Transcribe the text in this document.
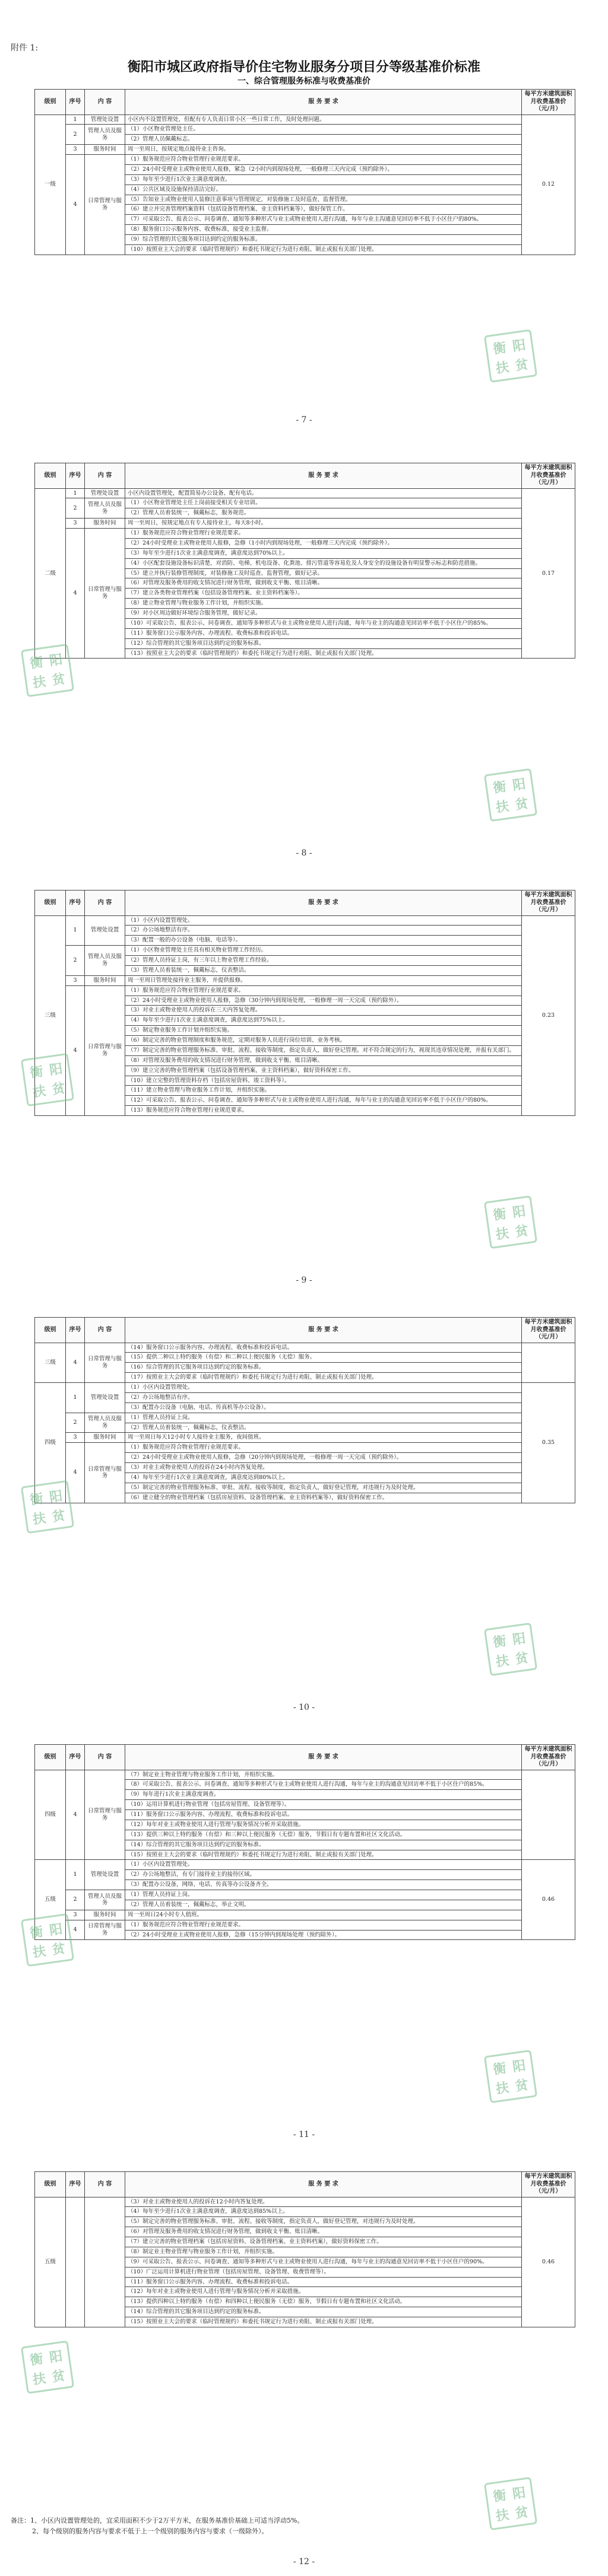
附件 1:
衡阳市城区政府指导价住宅物业服务分项目分等级基准价标准
一、综合管理服务标准与收费基准价
级别	序号	内 容	服 务 要 求	每平方米建筑面积月收费基准价（元/月）
一级	1	管理处设置	小区内不设置管理处，但配有专人负责日常小区一些日常工作，及时处理问题。	0.12
	2	管理人员及服务	（1）小区物业管理处主任。	
			（2）管理人员佩戴标志。	
	3	服务时间	周一至周日，按规定地点接待业主咨询。	
	4	日常管理与服务	（1）服务规范应符合物业管理行业规范要求。	
			（2）24小时受理业主或物业使用人报修，紧急（2小时内到现场处理，一般修理三天内完成（预约除外）。	
			（3）每年至少进行1次业主满意度调查。	
			（4）公共区域及设施保持清洁完好。	
			（5）告知业主或物业使用人装修注意事项与管理规定，对装修施工及时巡查、监督管理。	
			（6）建立并完善管理档案资料（包括设备管理档案、业主资料档案等），做好保管工作。	
			（7）可采取公告、报表公示、问卷调查、通知等多种形式与业主或物业使用人进行沟通，每年与业主沟通意见回访率不低于小区住户的80%。	
			（8）服务窗口公示服务内容、收费标准，接受业主监督。	
			（9）综合管理的其它服务项目达到约定的服务标准。	
			（10）按照业主大会的要求（临时管理规约）和委托书规定行为进行劝阻、制止或报有关部门处理。	
- 7 -
级别	序号	内 容	服 务 要 求	每平方米建筑面积月收费基准价（元/月）
二级	1	管理处设置	小区内设置管理处，配置简易办公设备、配有电话。	0.17
	2	管理人员及服务	（1）小区物业管理处主任上岗前接受相关专业培训。	
			（2）管理人员着装统一，佩戴标志，服务规范。	
	3	服务时间	周一至周日，按规定地点有专人接待业主，每天8小时。	
	4	日常管理与服务	（1）服务规范应符合物业管理行业规范要求。	
			（2）24小时受理业主或物业使用人报修，急修（1小时内到现场处理，一般修理三天内完成（预约除外）。	
			（3）每年至少进行1次业主满意度调查，满意度达到70%以上。	
			（4）小区配套设施设备标识清楚，对消防、电梯、机电设备、化粪池、排污管道等容易危及人身安全的设施设备有明显警示标志和防范措施。	
			（5）建立并执行装修管理制度，对装修施工及时巡查、监督管理，做好记录。	
			（6）对管理及服务费用的收支情况进行财务管理，做到收支平衡、账目清晰。	
			（7）建立各类物业管理档案（包括设备管理档案、业主资料档案等）。	
			（8）建立物业管理与物业服务工作计划，并组织实施。	
			（9）对小区周边做好环境综合服务管理，做好记录。	
			（10）可采取公告、报表公示、问卷调查、通知等多种形式与业主或物业使用人进行沟通，每年与业主的沟通意见回访率不低于小区住户的85%。	
			（11）服务窗口公示服务内容、办理流程、收费标准和投诉电话。	
			（12）综合管理的其它服务项目达到约定的服务标准。	
			（13）按照业主大会的要求（临时管理规约）和委托书规定行为进行劝阻、制止或报有关部门处理。	
- 8 -
级别	序号	内 容	服 务 要 求	每平方米建筑面积月收费基准价（元/月）
三级	1	管理处设置	（1）小区内设置管理处。	0.23
			（2）办公场地整洁有序。	
			（3）配置一般的办公设备（电脑、电话等）。	
	2	管理人员及服务	（1）小区物业管理处主任具有相关物业管理工作经历。	
			（2）管理人员持证上岗，有三年以上物业管理工作经验。	
			（3）管理人员着装统一，佩戴标志，仪表整洁。	
	3	服务时间	周一至周日管理处接待业主服务，并提供报修。	
	4	日常管理与服务	（1）服务规范应符合物业管理行业规范要求。	
			（2）24小时受理业主或物业使用人报修，急修（30分钟内到现场处理，一般修理一周一天完成（预约除外）。	
			（3）对业主或物业使用人的投诉在三天内答复处理。	
			（4）每年至少进行1次业主满意度调查，满意度达到75%以上。	
			（5）制定物业服务工作计划并组织实施。	
			（6）制定完善的物业管理制度和服务规范，定期对服务人员进行岗位培训、业务考核。	
			（7）制定完善的物业管理服务标准、审批、流程、接收等制度，指定负责人，做好登记管理。对不符合规定的行为，视现其违章情况处理，并报有关部门。	
			（8）对管理及服务费用的收支情况进行财务管理，做到收支平衡、账目清晰。	
			（9）建立完善的物业管理档案（包括设备管理档案、业主资料档案），做好资料保密工作。	
			（10）建立完整的管理资料存档（包括房屋资料、竣工资料等）。	
			（11）建立物业管理与物业服务工作计划，并组织实施。	
			（12）可采取公告、报表公示、问卷调查、通知等多种形式与业主或物业使用人进行沟通，每年与业主的沟通意见回访率不低于小区住户的80%。	
			（13）服务规范应符合物业管理行业规范要求。	
- 9 -
级别	序号	内 容	服 务 要 求	每平方米建筑面积月收费基准价（元/月）
三级	4	日常管理与服务	（14）服务窗口公示服务内容、办理流程、收费标准和投诉电话。	
			（15）提供二种以上特约服务（有偿）和二种以上便民服务（无偿）服务。	
			（16）综合管理的其它服务项目达到约定的服务标准。	
			（17）按照业主大会的要求（临时管理规约）和委托书规定行为进行劝阻、制止或报有关部门处理。	
四级	1	管理处设置	（1）小区内设置管理处。	0.35
			（2）办公场地整洁有序。	
			（3）配置办公设备（电脑、电话、传真机等办公设备）。	
	2	管理人员及服务	（1）管理人员持证上岗。	
			（2）管理人员着装统一，佩戴标志，仪表整洁。	
	3	服务时间	周一至周日每天12小时专人接待业主服务，夜间值班。	
	4	日常管理与服务	（1）服务规范应符合物业管理行业规范要求。	
			（2）24小时受理业主或物业使用人报修，急修（20分钟内到现场处理，一般修理一周一天完成（预约除外）。	
			（3）对业主或物业使用人的投诉在24小时内答复处理。	
			（4）每年至少进行1次业主满意度调查，满意度达到80%以上。	
			（5）制定完善的物业管理服务标准、审批、流程、接收等制度，指定负责人，做好登记管理，对违规行为及时处理。	
			（6）建立健全的物业管理档案（包括房屋资料、设备管理档案、业主资料档案等），做好资料保密工作。	
- 10 -
级别	序号	内 容	服 务 要 求	每平方米建筑面积月收费基准价（元/月）
四级	4	日常管理与服务	（7）制定业主物业管理与物业服务工作计划，并组织实施。	
			（8）可采取公告、报表公示、问卷调查、通知等多种形式与业主或物业使用人进行沟通，每年与业主的沟通意见回访率不低于小区住户的85%。	
			（9）每年进行1次业主满意度调查。	
			（10）运用计算机进行物业管理（包括房屋管理、设备管理等）。	
			（11）服务窗口公示服务内容、办理流程、收费标准和投诉电话。	
			（12）每年对业主或物业使用人进行管理与服务情况分析并采取措施。	
			（13）提供三种以上特约服务（有偿）和三种以上便民服务（无偿）服务，节假日有专题布置和社区文化活动。	
			（14）综合管理的其它服务项目达到约定的服务标准。	
			（15）按照业主大会的要求（临时管理规约）和委托书规定行为进行劝阻、制止或报有关部门处理。	
五级	1	管理处设置	（1）小区内设置管理处。	0.46
			（2）办公场地整洁，有专门接待业主的接待区域。	
			（3）配置办公设备，网络、电话、传真等办公设备齐全。	
	2	管理人员及服务	（1）管理人员持证上岗。	
			（2）管理人员着装统一，佩戴标志，举止文明。	
	3	服务时间	周一至周日24小时专人值班。	
	4	日常管理与服务	（1）服务规范应符合物业管理行业规范要求。	
			（2）24小时受理业主或物业使用人报修，急修（15分钟内到现场处理（预约除外）。	
- 11 -
级别	序号	内 容	服 务 要 求	每平方米建筑面积月收费基准价（元/月）
五级			（3）对业主或物业使用人的投诉在12小时内答复处理。	0.46
			（4）每年至少进行1次业主满意度调查，满意度达到85%以上。	
			（5）制定完善的物业管理服务标准、审批、流程、接收等制度，指定负责人，做好登记管理，对违规行为及时处理。	
			（6）对管理及服务费用的收支情况进行财务管理，做到收支平衡、账目清晰。	
			（7）建立完善的物业管理档案（包括房屋资料、设备管理档案、业主资料档案），做好资料保密工作。	
			（8）制定业主物业管理与物业服务工作计划，并组织实施。	
			（9）可采取公告、报表公示、问卷调查、通知等多种形式与业主或物业使用人进行沟通，每年与业主的沟通意见回访率不低于小区住户的90%。	
			（10）广泛运用计算机进行物业管理（包括房屋管理、设备管理、收费管理等）。	
			（11）服务窗口公示服务内容、办理流程、收费标准和投诉电话。	
			（12）每年对业主或物业使用人进行管理与服务情况分析并采取措施。	
			（13）提供四种以上特约服务（有偿）和四种以上便民服务（无偿）服务，节假日有专题布置和社区文化活动。	
			（14）综合管理的其它服务项目达到约定的服务标准。	
			（15）按照业主大会的要求（临时管理规约）和委托书规定行为进行劝阻、制止或报有关部门处理。	
备注：1、小区内设置管理处的，宜采用面积不少于2万平方米，在服务基准价基础上可适当浮动5%。
2、每个级别的服务内容与要求不低于上一个级别的服务内容与要求（一级除外）。
- 12 -
衡 阳
扶 贫
衡 阳
扶 贫
衡 阳
扶 贫
衡 阳
扶 贫
衡 阳
扶 贫
衡 阳
扶 贫
衡 阳
扶 贫
衡 阳
扶 贫
衡 阳
扶 贫
衡 阳
扶 贫
衡 阳
扶 贫
